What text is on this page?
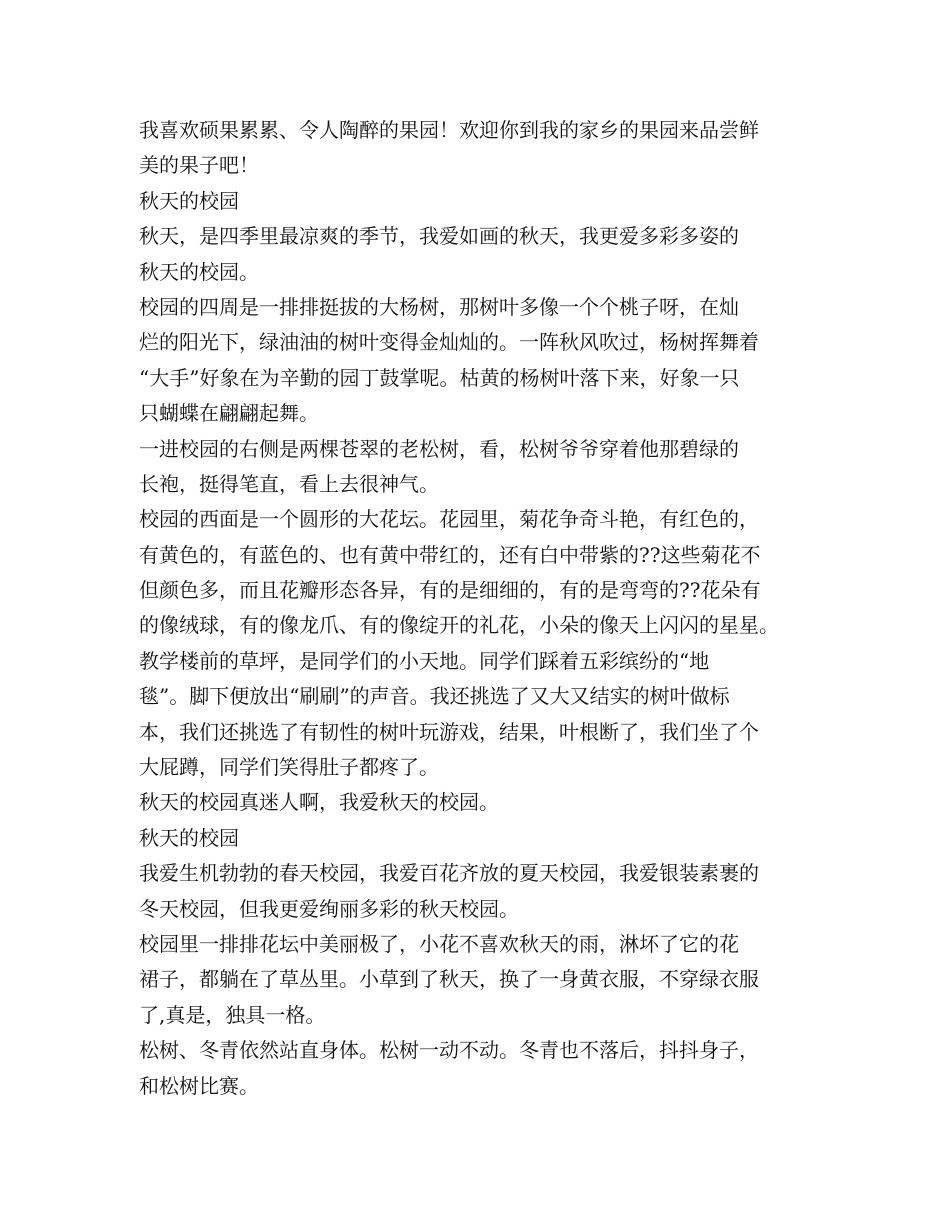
我喜欢硕果累累、令人陶醉的果园！欢迎你到我的家乡的果园来品尝鲜
美的果子吧！
秋天的校园
秋天，是四季里最凉爽的季节，我爱如画的秋天，我更爱多彩多姿的
秋天的校园。
校园的四周是一排排挺拔的大杨树，那树叶多像一个个桃子呀，在灿
烂的阳光下，绿油油的树叶变得金灿灿的。一阵秋风吹过，杨树挥舞着
“大手”好象在为辛勤的园丁鼓掌呢。枯黄的杨树叶落下来，好象一只
只蝴蝶在翩翩起舞。
一进校园的右侧是两棵苍翠的老松树，看，松树爷爷穿着他那碧绿的
长袍，挺得笔直，看上去很神气。
校园的西面是一个圆形的大花坛。花园里，菊花争奇斗艳，有红色的，
有黄色的，有蓝色的、也有黄中带红的，还有白中带紫的??这些菊花不
但颜色多，而且花瓣形态各异，有的是细细的，有的是弯弯的??花朵有
的像绒球，有的像龙爪、有的像绽开的礼花，小朵的像天上闪闪的星星。
教学楼前的草坪，是同学们的小天地。同学们踩着五彩缤纷的“地
毯”。脚下便放出“刷刷”的声音。我还挑选了又大又结实的树叶做标
本，我们还挑选了有韧性的树叶玩游戏，结果，叶根断了，我们坐了个
大屁蹲，同学们笑得肚子都疼了。
秋天的校园真迷人啊，我爱秋天的校园。
秋天的校园
我爱生机勃勃的春天校园，我爱百花齐放的夏天校园，我爱银装素裹的
冬天校园，但我更爱绚丽多彩的秋天校园。
校园里一排排花坛中美丽极了，小花不喜欢秋天的雨，淋坏了它的花
裙子，都躺在了草丛里。小草到了秋天，换了一身黄衣服，不穿绿衣服
了,真是，独具一格。
松树、冬青依然站直身体。松树一动不动。冬青也不落后，抖抖身子，
和松树比赛。
